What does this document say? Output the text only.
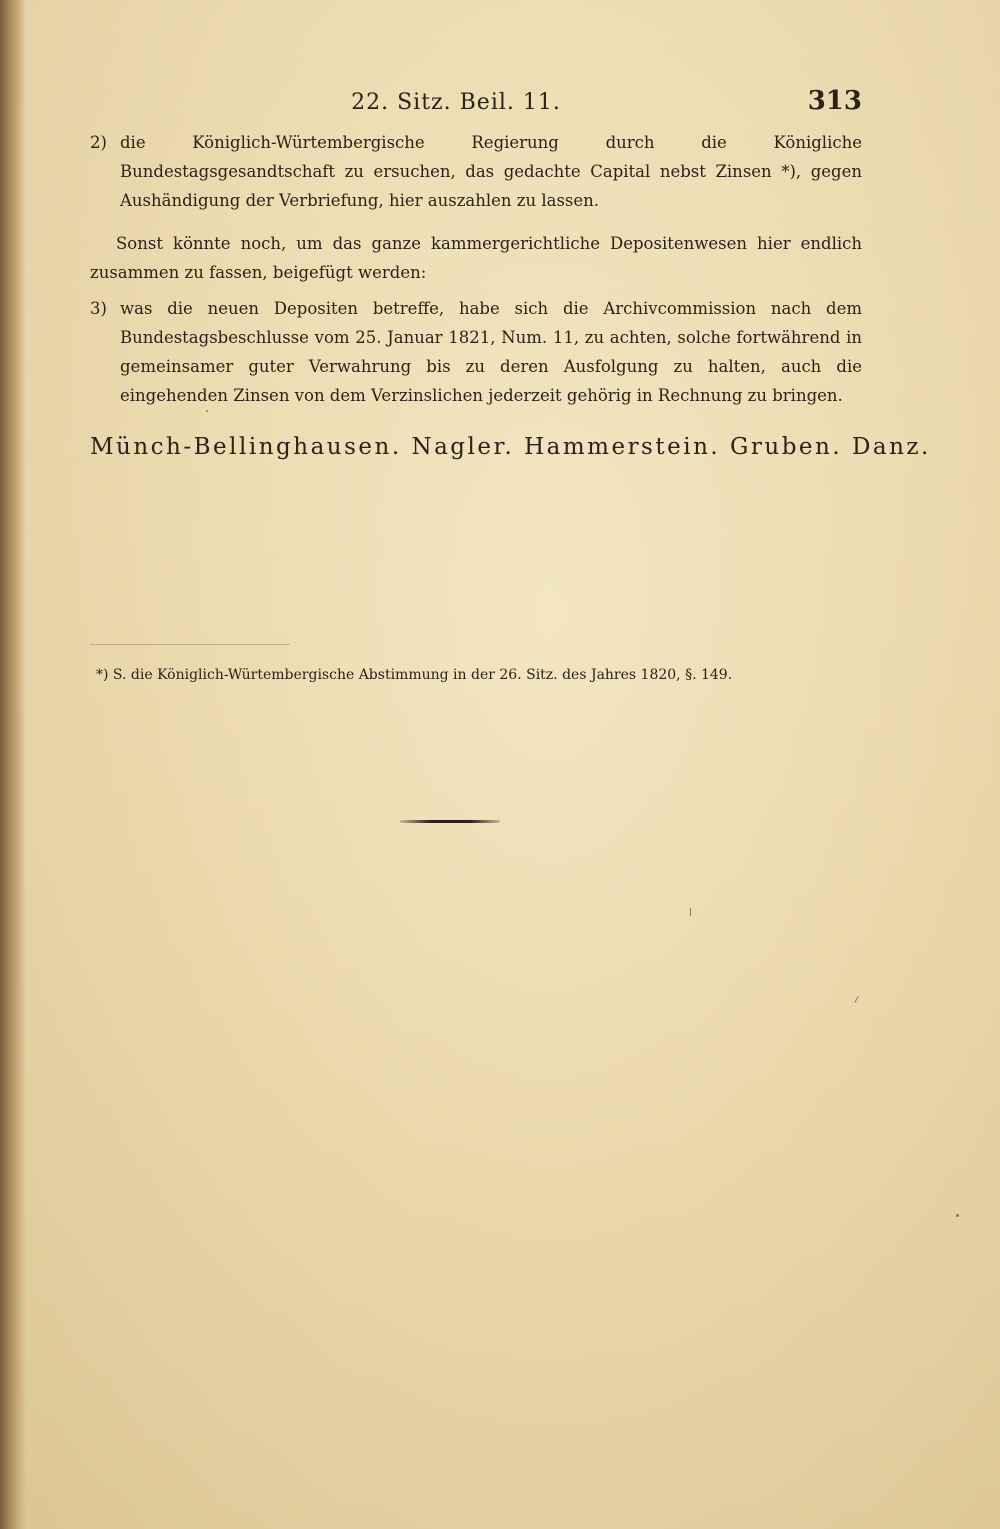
22. Sitz. Beil. 11.	313
2) die Königlich-Würtembergische Regierung durch die Königliche Bundestagsgesandtschaft zu ersuchen, das gedachte Capital nebst Zinsen *), gegen Aushändigung der Verbriefung, hier auszahlen zu lassen.
Sonst könnte noch, um das ganze kammergerichtliche Depositenwesen hier endlich zusammen zu fassen, beigefügt werden:
3) was die neuen Depositen betreffe, habe sich die Archivcommission nach dem Bundestagsbeschlusse vom 25. Januar 1821, Num. 11, zu achten, solche fortwährend in gemeinsamer guter Verwahrung bis zu deren Ausfolgung zu halten, auch die eingehenden Zinsen von dem Verzinslichen jederzeit gehörig in Rechnung zu bringen.
Münch-Bellinghausen. Nagler. Hammerstein. Gruben. Danz.
*) S. die Königlich-Würtembergische Abstimmung in der 26. Sitz. des Jahres 1820, §. 149.
